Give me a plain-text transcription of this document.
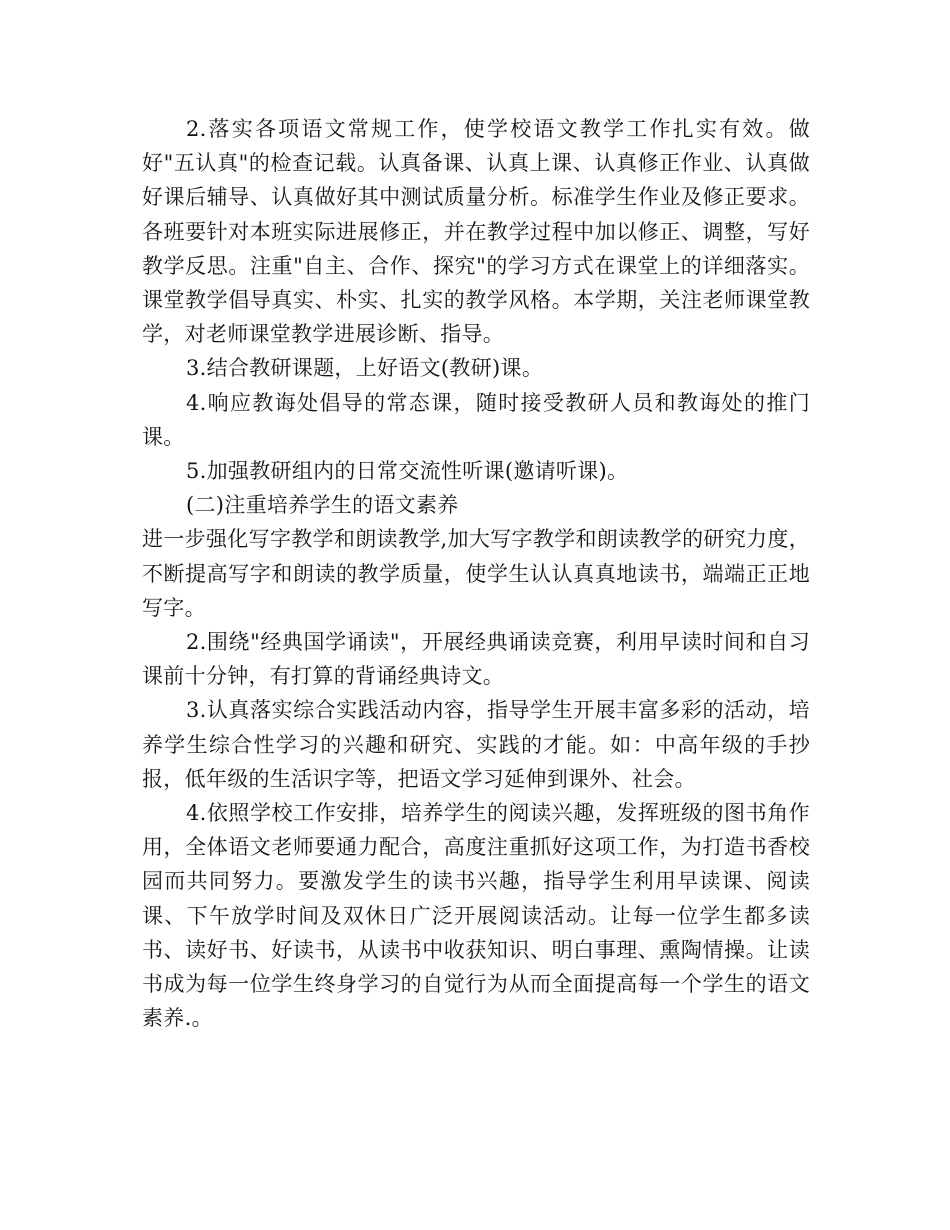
2.落实各项语文常规工作，使学校语文教学工作扎实有效。做好"五认真"的检查记载。认真备课、认真上课、认真修正作业、认真做好课后辅导、认真做好其中测试质量分析。标准学生作业及修正要求。各班要针对本班实际进展修正，并在教学过程中加以修正、调整，写好教学反思。注重"自主、合作、探究"的学习方式在课堂上的详细落实。课堂教学倡导真实、朴实、扎实的教学风格。本学期，关注老师课堂教学，对老师课堂教学进展诊断、指导。

3.结合教研课题，上好语文(教研)课。

4.响应教诲处倡导的常态课，随时接受教研人员和教诲处的推门课。

5.加强教研组内的日常交流性听课(邀请听课)。

(二)注重培养学生的语文素养

进一步强化写字教学和朗读教学,加大写字教学和朗读教学的研究力度，不断提高写字和朗读的教学质量，使学生认认真真地读书，端端正正地写字。

2.围绕"经典国学诵读"，开展经典诵读竞赛，利用早读时间和自习课前十分钟，有打算的背诵经典诗文。

3.认真落实综合实践活动内容，指导学生开展丰富多彩的活动，培养学生综合性学习的兴趣和研究、实践的才能。如：中高年级的手抄报，低年级的生活识字等，把语文学习延伸到课外、社会。

4.依照学校工作安排，培养学生的阅读兴趣，发挥班级的图书角作用，全体语文老师要通力配合，高度注重抓好这项工作，为打造书香校园而共同努力。要激发学生的读书兴趣，指导学生利用早读课、阅读课、下午放学时间及双休日广泛开展阅读活动。让每一位学生都多读书、读好书、好读书，从读书中收获知识、明白事理、熏陶情操。让读书成为每一位学生终身学习的自觉行为从而全面提高每一个学生的语文素养.。
